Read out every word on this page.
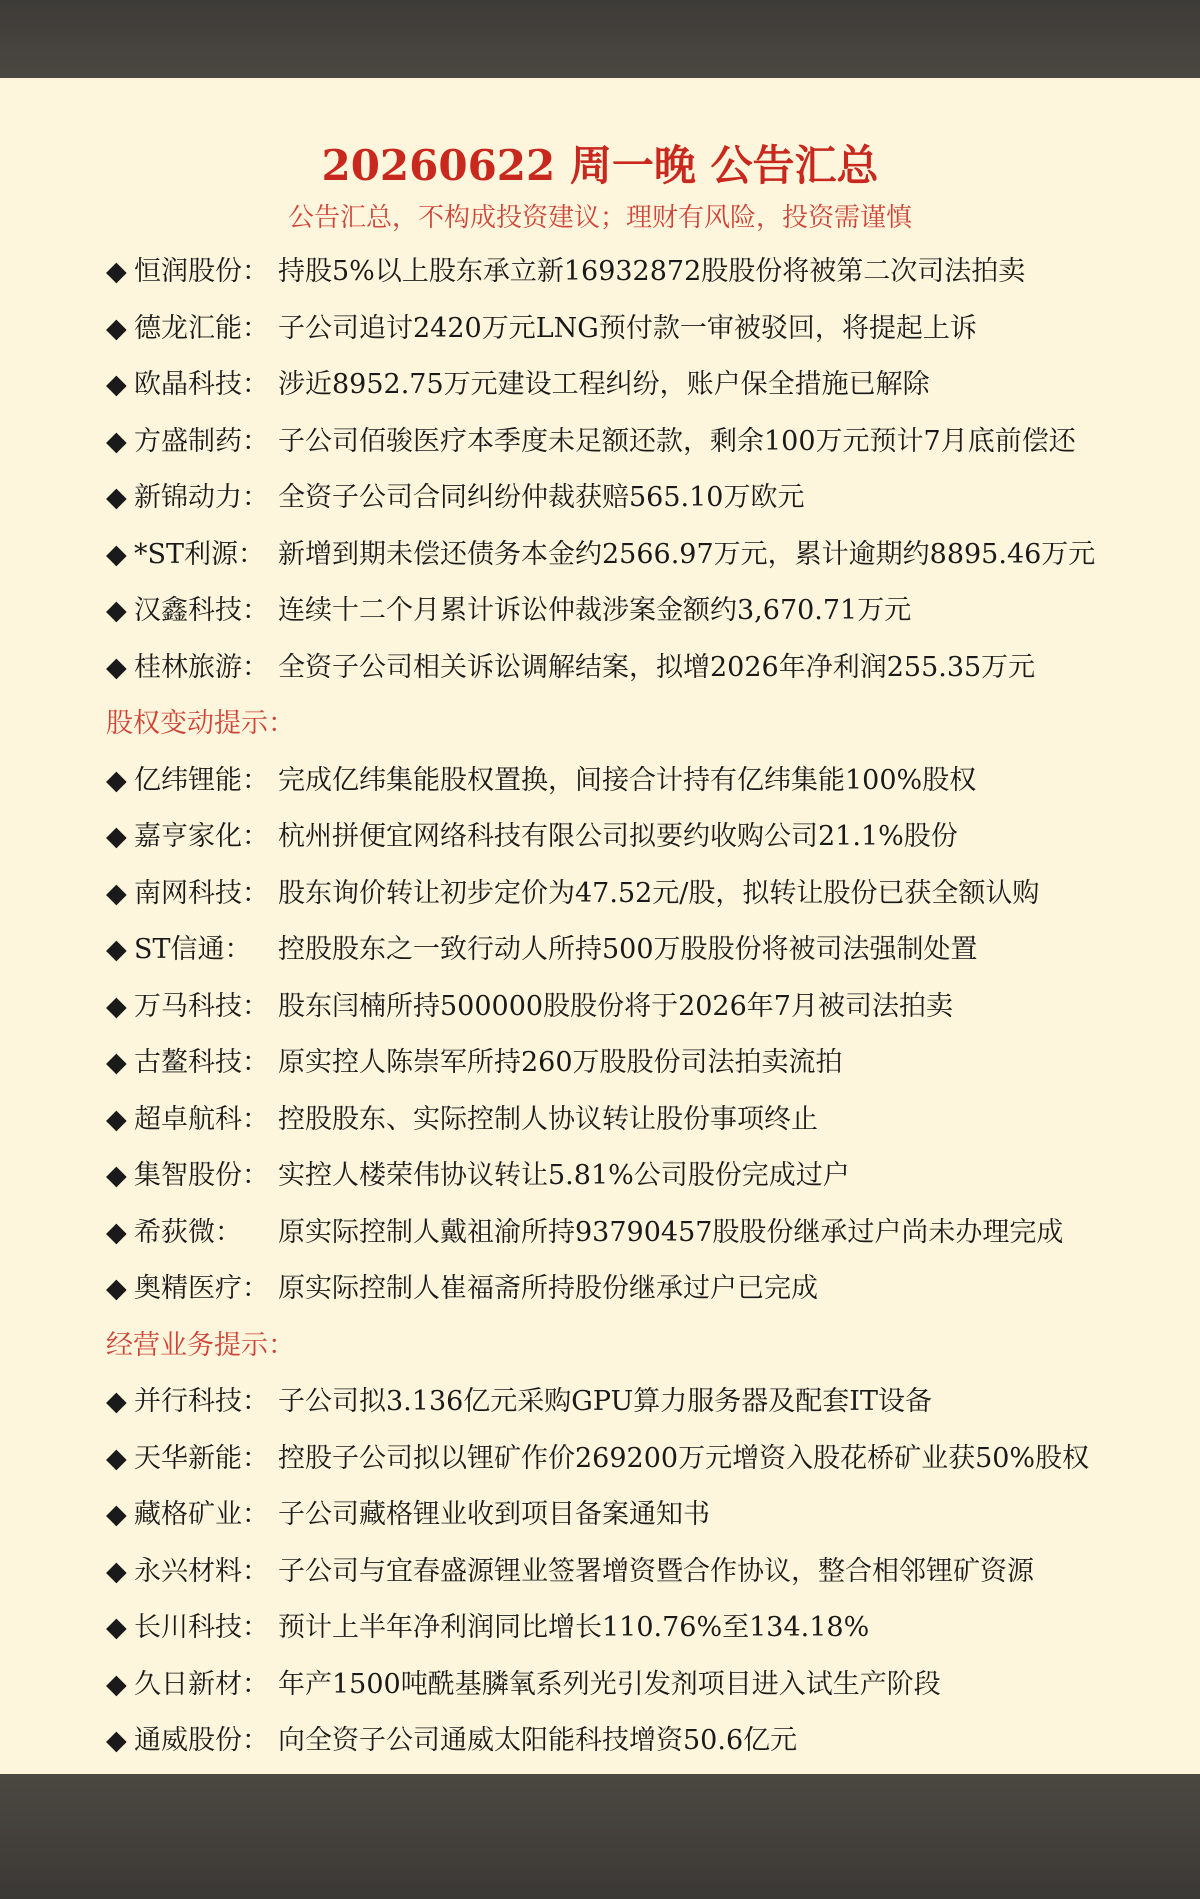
20260622 周一晚 公告汇总
公告汇总，不构成投资建议；理财有风险，投资需谨慎
◆ 恒润股份： 持股5%以上股东承立新16932872股股份将被第二次司法拍卖
◆ 德龙汇能： 子公司追讨2420万元LNG预付款一审被驳回，将提起上诉
◆ 欧晶科技： 涉近8952.75万元建设工程纠纷，账户保全措施已解除
◆ 方盛制药： 子公司佰骏医疗本季度未足额还款，剩余100万元预计7月底前偿还
◆ 新锦动力： 全资子公司合同纠纷仲裁获赔565.10万欧元
◆ *ST利源： 新增到期未偿还债务本金约2566.97万元，累计逾期约8895.46万元
◆ 汉鑫科技： 连续十二个月累计诉讼仲裁涉案金额约3,670.71万元
◆ 桂林旅游： 全资子公司相关诉讼调解结案，拟增2026年净利润255.35万元
股权变动提示：
◆ 亿纬锂能： 完成亿纬集能股权置换，间接合计持有亿纬集能100%股权
◆ 嘉亨家化： 杭州拼便宜网络科技有限公司拟要约收购公司21.1%股份
◆ 南网科技： 股东询价转让初步定价为47.52元/股，拟转让股份已获全额认购
◆ ST信通： 控股股东之一致行动人所持500万股股份将被司法强制处置
◆ 万马科技： 股东闫楠所持500000股股份将于2026年7月被司法拍卖
◆ 古鳌科技： 原实控人陈崇军所持260万股股份司法拍卖流拍
◆ 超卓航科： 控股股东、实际控制人协议转让股份事项终止
◆ 集智股份： 实控人楼荣伟协议转让5.81%公司股份完成过户
◆ 希荻微： 原实际控制人戴祖渝所持93790457股股份继承过户尚未办理完成
◆ 奥精医疗： 原实际控制人崔福斋所持股份继承过户已完成
经营业务提示：
◆ 并行科技： 子公司拟3.136亿元采购GPU算力服务器及配套IT设备
◆ 天华新能： 控股子公司拟以锂矿作价269200万元增资入股花桥矿业获50%股权
◆ 藏格矿业： 子公司藏格锂业收到项目备案通知书
◆ 永兴材料： 子公司与宜春盛源锂业签署增资暨合作协议，整合相邻锂矿资源
◆ 长川科技： 预计上半年净利润同比增长110.76%至134.18%
◆ 久日新材： 年产1500吨酰基膦氧系列光引发剂项目进入试生产阶段
◆ 通威股份： 向全资子公司通威太阳能科技增资50.6亿元
